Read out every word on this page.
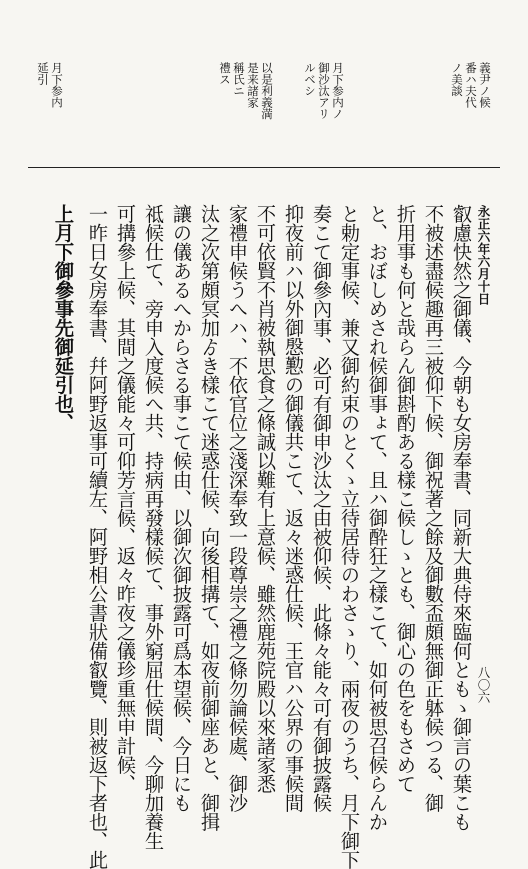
義尹ノ候
番ハ夫代
ノ美談
月下参内ノ
御沙汰アリ
ルベシ
以是利義満
是来諸家
稱氏ニ
禮ス
月下参内
延引
永正六年六月十日
八〇六
叡慮快然之御儀、今朝も女房奉書、同新大典侍來臨何ともゝ御言の葉こも
不被述盡候趣再三被仰下候、御祝著之餘及御數盃頗無御正躰候つる、御
折用事も何と哉らん御斟酌ある樣こ候しゝとも、御心の色をもさめて
と、おぼしめされ候御事ょて、且ハ御酔狂之樣こて、如何被思召候らんか
と勅定事候、兼又御約束のとくゝ立待居待のわさゝり、兩夜のうち、月下御下
奏こて御參內事、必可有御申沙汰之由被仰候、此條々能々可有御披露候
抑夜前ハ以外御慇懃の御儀共こて、返々迷惑仕候、王官ハ公界の事候間
不可依賢不肖被執思食之條誠以難有上意候、雖然鹿苑院殿以來諸家悉
家禮申候うへハ、不依官位之淺深奉致一段尊崇之禮之條勿論候處、御沙
汰之次第頗冥加ゟき樣こて迷惑仕候、向後相搆て、如夜前御座あと、御揖
讓の儀あるへからさる事こて候由、以御次御披露可爲本望候、今日にも
祗候仕て、旁申入度候へ共、持病再發樣候て、事外窮屈仕候間、今聊加養生
可搆參上候、其間之儀能々可仰芳言候、返々昨夜之儀珍重無申計候、
一昨日女房奉書、幷阿野返事可續左、阿野相公書狀備叡覽、則被返下者也、此
上月下御參事先御延引也、
